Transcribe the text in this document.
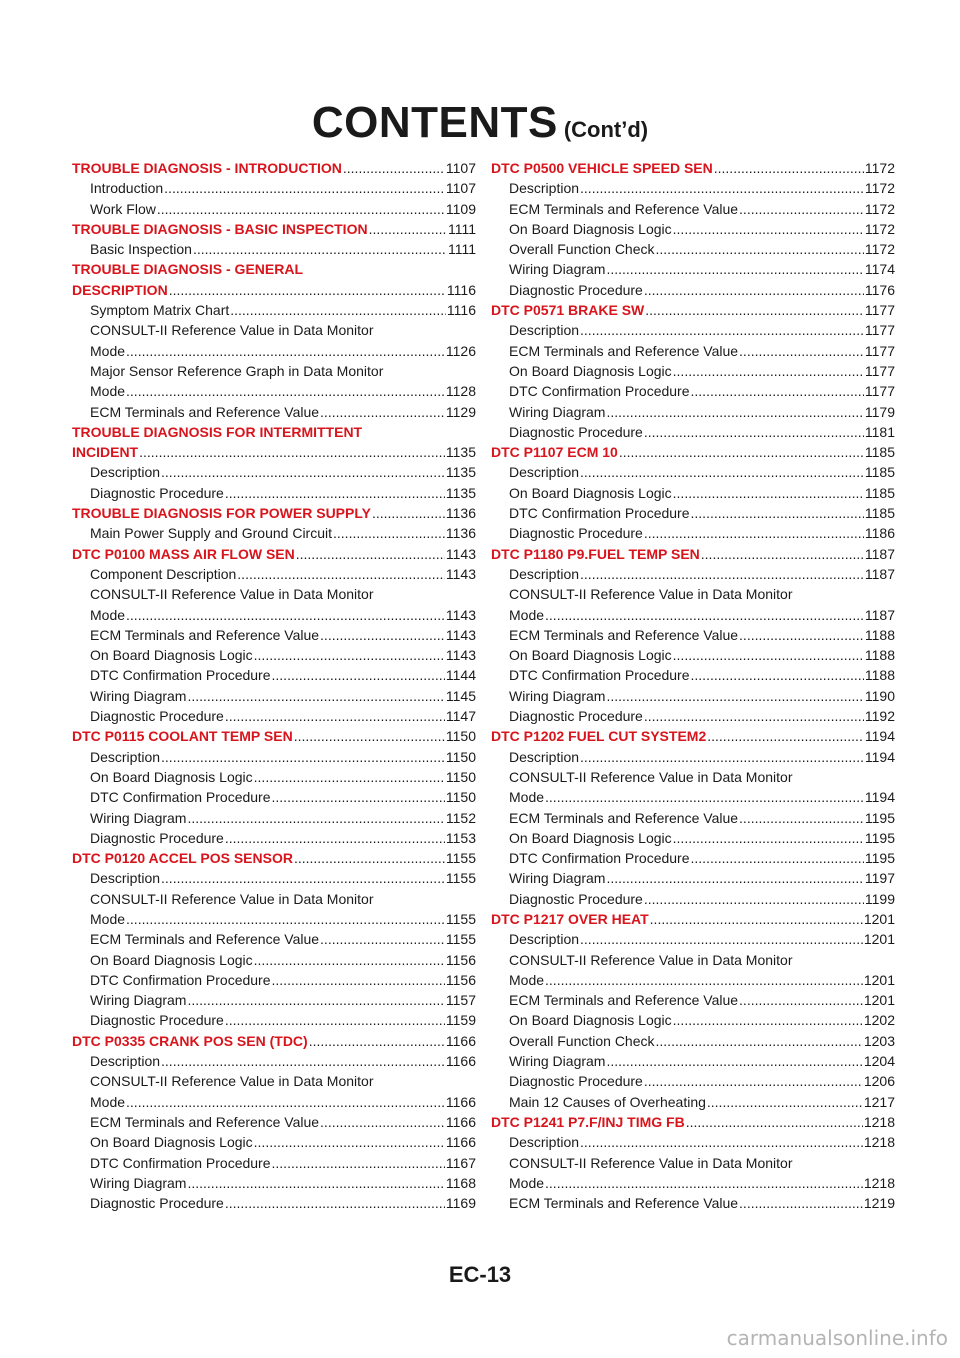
CONTENTS (Cont’d)
TROUBLE DIAGNOSIS - INTRODUCTION .....	1107
Introduction .....	1107
Work Flow .....	1109
TROUBLE DIAGNOSIS - BASIC INSPECTION .....	1111
Basic Inspection .....	1111
TROUBLE DIAGNOSIS - GENERAL
DESCRIPTION .....	1116
Symptom Matrix Chart .....	1116
CONSULT-II Reference Value in Data Monitor
Mode .....	1126
Major Sensor Reference Graph in Data Monitor
Mode .....	1128
ECM Terminals and Reference Value .....	1129
TROUBLE DIAGNOSIS FOR INTERMITTENT
INCIDENT .....	1135
Description .....	1135
Diagnostic Procedure .....	1135
TROUBLE DIAGNOSIS FOR POWER SUPPLY .....	1136
Main Power Supply and Ground Circuit .....	1136
DTC P0100 MASS AIR FLOW SEN .....	1143
Component Description .....	1143
CONSULT-II Reference Value in Data Monitor
Mode .....	1143
ECM Terminals and Reference Value .....	1143
On Board Diagnosis Logic .....	1143
DTC Confirmation Procedure .....	1144
Wiring Diagram .....	1145
Diagnostic Procedure .....	1147
DTC P0115 COOLANT TEMP SEN .....	1150
Description .....	1150
On Board Diagnosis Logic .....	1150
DTC Confirmation Procedure .....	1150
Wiring Diagram .....	1152
Diagnostic Procedure .....	1153
DTC P0120 ACCEL POS SENSOR .....	1155
Description .....	1155
CONSULT-II Reference Value in Data Monitor
Mode .....	1155
ECM Terminals and Reference Value .....	1155
On Board Diagnosis Logic .....	1156
DTC Confirmation Procedure .....	1156
Wiring Diagram .....	1157
Diagnostic Procedure .....	1159
DTC P0335 CRANK POS SEN (TDC) .....	1166
Description .....	1166
CONSULT-II Reference Value in Data Monitor
Mode .....	1166
ECM Terminals and Reference Value .....	1166
On Board Diagnosis Logic .....	1166
DTC Confirmation Procedure .....	1167
Wiring Diagram .....	1168
Diagnostic Procedure .....	1169
DTC P0500 VEHICLE SPEED SEN .....	1172
Description .....	1172
ECM Terminals and Reference Value .....	1172
On Board Diagnosis Logic .....	1172
Overall Function Check .....	1172
Wiring Diagram .....	1174
Diagnostic Procedure .....	1176
DTC P0571 BRAKE SW .....	1177
Description .....	1177
ECM Terminals and Reference Value .....	1177
On Board Diagnosis Logic .....	1177
DTC Confirmation Procedure .....	1177
Wiring Diagram .....	1179
Diagnostic Procedure .....	1181
DTC P1107 ECM 10 .....	1185
Description .....	1185
On Board Diagnosis Logic .....	1185
DTC Confirmation Procedure .....	1185
Diagnostic Procedure .....	1186
DTC P1180 P9.FUEL TEMP SEN .....	1187
Description .....	1187
CONSULT-II Reference Value in Data Monitor
Mode .....	1187
ECM Terminals and Reference Value .....	1188
On Board Diagnosis Logic .....	1188
DTC Confirmation Procedure .....	1188
Wiring Diagram .....	1190
Diagnostic Procedure .....	1192
DTC P1202 FUEL CUT SYSTEM2 .....	1194
Description .....	1194
CONSULT-II Reference Value in Data Monitor
Mode .....	1194
ECM Terminals and Reference Value .....	1195
On Board Diagnosis Logic .....	1195
DTC Confirmation Procedure .....	1195
Wiring Diagram .....	1197
Diagnostic Procedure .....	1199
DTC P1217 OVER HEAT .....	1201
Description .....	1201
CONSULT-II Reference Value in Data Monitor
Mode .....	1201
ECM Terminals and Reference Value .....	1201
On Board Diagnosis Logic .....	1202
Overall Function Check .....	1203
Wiring Diagram .....	1204
Diagnostic Procedure .....	1206
Main 12 Causes of Overheating .....	1217
DTC P1241 P7.F/INJ TIMG FB .....	1218
Description .....	1218
CONSULT-II Reference Value in Data Monitor
Mode .....	1218
ECM Terminals and Reference Value .....	1219
EC-13
carmanualsonline.info
